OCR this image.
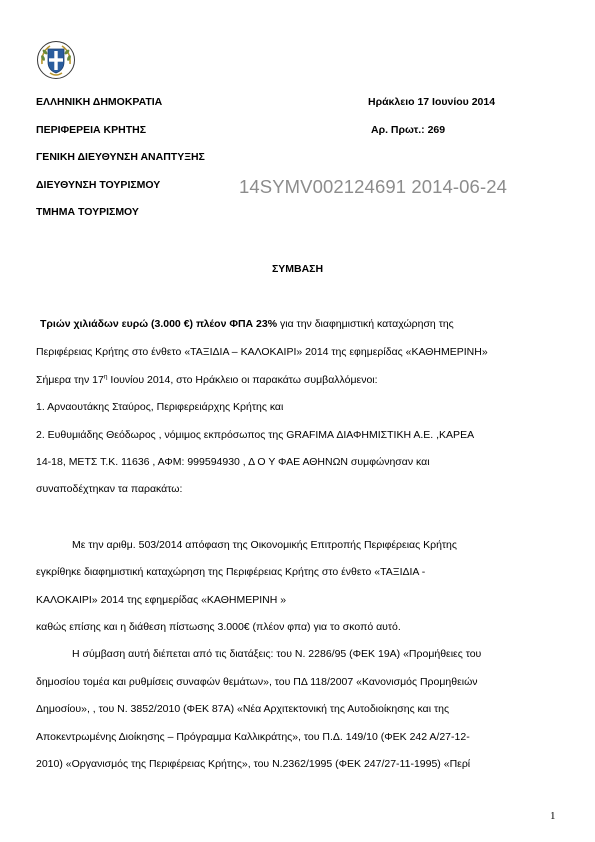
ΕΛΛΗΝΙΚΗ ΔΗΜΟΚΡΑΤΙΑ
ΠΕΡΙΦΕΡΕΙΑ ΚΡΗΤΗΣ
ΓΕΝΙΚΗ ΔΙΕΥΘΥΝΣΗ ΑΝΑΠΤΥΞΗΣ
ΔΙΕΥΘΥΝΣΗ ΤΟΥΡΙΣΜΟΥ
ΤΜΗΜΑ ΤΟΥΡΙΣΜΟΥ
Ηράκλειο 17 Ιουνίου 2014
Αρ. Πρωτ.: 269
14SYMV002124691 2014-06-24
ΣΥΜΒΑΣΗ
Τριών χιλιάδων ευρώ (3.000 €) πλέον ΦΠΑ 23% για την διαφημιστική καταχώρηση της
Περιφέρειας Κρήτης στο ένθετο «ΤΑΞΙΔΙΑ – ΚΑΛΟΚΑΙΡΙ» 2014 της εφημερίδας «ΚΑΘΗΜΕΡΙΝΗ»
Σήμερα την $17^\eta$ Ιουνίου 2014, στο Ηράκλειο οι παρακάτω συμβαλλόμενοι:
1. Αρναουτάκης Σταύρος, Περιφερειάρχης Κρήτης και
2. Ευθυμιάδης Θεόδωρος , νόμιμος εκπρόσωπος της GRAFIMA ΔΙΑΦΗΜΙΣΤΙΚΗ Α.Ε. ,ΚΑΡΕΑ
14-18, ΜΕΤΣ Τ.Κ. 11636 , ΑΦΜ: 999594930 , Δ Ο Υ ΦΑΕ ΑΘΗΝΩΝ συμφώνησαν και
συναποδέχτηκαν τα παρακάτω:
Με την αριθμ. 503/2014 απόφαση της Οικονομικής Επιτροπής Περιφέρειας Κρήτης
εγκρίθηκε διαφημιστική καταχώρηση της Περιφέρειας Κρήτης στο ένθετο «ΤΑΞΙΔΙΑ -
ΚΑΛΟΚΑΙΡΙ» 2014 της εφημερίδας «ΚΑΘΗΜΕΡΙΝΗ »
καθώς επίσης και η διάθεση πίστωσης 3.000€ (πλέον φπα) για το σκοπό αυτό.
Η σύμβαση αυτή διέπεται από τις διατάξεις: του Ν. 2286/95 (ΦΕΚ 19Α) «Προμήθειες του
δημοσίου τομέα και ρυθμίσεις συναφών θεμάτων», του ΠΔ 118/2007 «Κανονισμός Προμηθειών
Δημοσίου», , του Ν. 3852/2010 (ΦΕΚ 87Α) «Νέα Αρχιτεκτονική της Αυτοδιοίκησης και της
Αποκεντρωμένης Διοίκησης – Πρόγραμμα Καλλικράτης», του Π.Δ. 149/10 (ΦΕΚ 242 Α/27-12-
2010) «Οργανισμός της Περιφέρειας Κρήτης», του Ν.2362/1995 (ΦΕΚ 247/27-11-1995) «Περί
1
